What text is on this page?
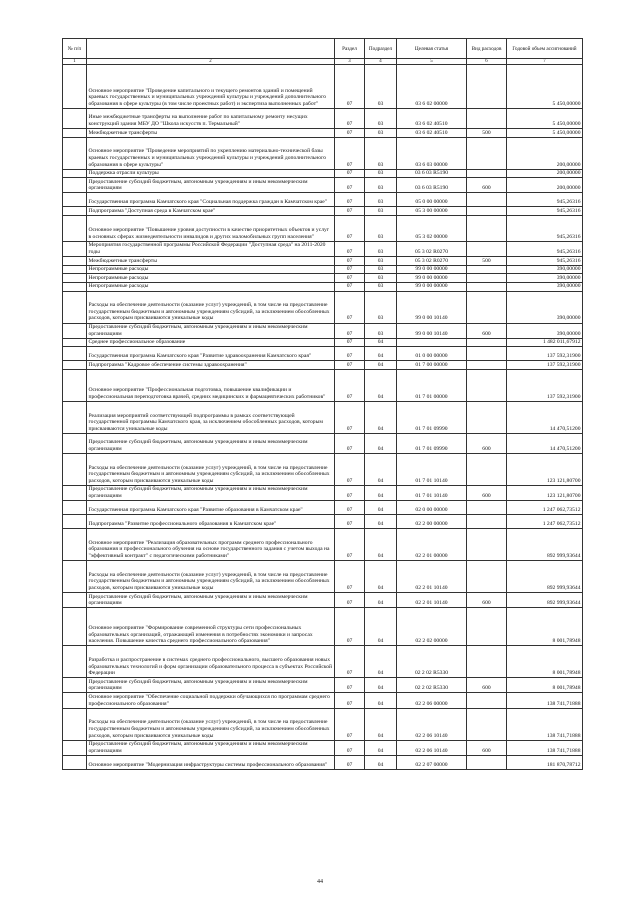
№ п/п		Раздел	Подраздел	Целевая статья	Вид расходов	Годовой объем ассигнований
1	2	3	4	5	6	7
	Основное мероприятие "Проведение капитального и текущего ремонтов зданий и помещений краевых государственных и муниципальных учреждений культуры и учреждений дополнительного образования в сфере культуры (в том числе проектных работ) и экспертиза выполненных работ"	07	03	03 6 02 00000		5 450,00000
	Иные межбюджетные трансферты на выполнение работ по капитальному ремонту несущих конструкций здания МБУ ДО "Школа искусств п. Термальный"	07	03	03 6 02 40510		5 450,00000
	Межбюджетные трансферты	07	03	03 6 02 40510	500	5 450,00000
	Основное мероприятие "Проведение мероприятий по укреплению материально-технической базы краевых государственных и муниципальных учреждений культуры и учреждений дополнительного образования в сфере культуры"	07	03	03 6 03 00000		200,00000
	Поддержка отрасли культуры	07	03	03 6 03 R5190		200,00000
	Предоставление субсидий бюджетным, автономным учреждениям и иным некоммерческим организациям	07	03	03 6 03 R5190	600	200,00000
	Государственная программа Камчатского края "Социальная поддержка граждан в Камчатском крае"	07	03	05 0 00 00000		945,26316
	Подпрограмма "Доступная среда в Камчатском крае"	07	03	05 3 00 00000		945,26316
	Основное мероприятие "Повышение уровня доступности в качестве приоритетных объектов и услуг в основных сферах жизнедеятельности инвалидов и других маломобильных групп населения"	07	03	05 3 02 00000		945,26316
	Мероприятия государственной программы Российской Федерации "Доступная среда" на 2011-2020 годы	07	03	05 3 02 R0270		945,26316
	Межбюджетные трансферты	07	03	05 3 02 R0270	500	945,26316
	Непрограммные расходы	07	03	99 0 00 00000		390,00000
	Непрограммные расходы	07	03	99 0 00 00000		390,00000
	Непрограммные расходы	07	03	99 0 00 00000		390,00000
	Расходы на обеспечение деятельности (оказание услуг) учреждений, в том числе на предоставление государственным бюджетным и автономным учреждениям субсидий, за исключением обособленных расходов, которым присваиваются уникальные коды	07	03	99 0 00 10140		390,00000
	Предоставление субсидий бюджетным, автономным учреждениям и иным некоммерческим организациям	07	03	99 0 00 10140	600	390,00000
	Среднее профессиональное образование	07	04			1 482 011,67912
	Государственная программа Камчатского края "Развитие здравоохранения Камчатского края"	07	04	01 0 00 00000		137 592,31900
	Подпрограмма "Кадровое обеспечение системы здравоохранения"	07	04	01 7 00 00000		137 592,31900
	Основное мероприятие "Профессиональная подготовка, повышение квалификации и профессиональная переподготовка врачей, средних медицинских и фармацевтических работников"	07	04	01 7 01 00000		137 592,31900
	Реализация мероприятий соответствующей подпрограммы в рамках соответствующей государственной программы Камчатского края, за исключением обособленных расходов, которым присваиваются уникальные коды	07	04	01 7 01 09990		14 470,51200
	Предоставление субсидий бюджетным, автономным учреждениям и иным некоммерческим организациям	07	04	01 7 01 09990	600	14 470,51200
	Расходы на обеспечение деятельности (оказание услуг) учреждений, в том числе на предоставление государственным бюджетным и автономным учреждениям субсидий, за исключением обособленных расходов, которым присваиваются уникальные коды	07	04	01 7 01 10140		123 121,80700
	Предоставление субсидий бюджетным, автономным учреждениям и иным некоммерческим организациям	07	04	01 7 01 10140	600	123 121,80700
	Государственная программа Камчатского края "Развитие образования в Камчатском крае"	07	04	02 0 00 00000		1 247 062,73512
	Подпрограмма "Развитие профессионального образования в Камчатском крае"	07	04	02 2 00 00000		1 247 062,73512
	Основное мероприятие "Реализация образовательных программ среднего профессионального образования и профессионального обучения на основе государственного задания с учетом выхода на "эффективный контракт" с педагогическими работниками"	07	04	02 2 01 00000		892 999,93644
	Расходы на обеспечение деятельности (оказание услуг) учреждений, в том числе на предоставление государственным бюджетным и автономным учреждениям субсидий, за исключением обособленных расходов, которым присваиваются уникальные коды	07	04	02 2 01 10140		892 999,93644
	Предоставление субсидий бюджетным, автономным учреждениям и иным некоммерческим организациям	07	04	02 2 01 10140	600	892 999,93644
	Основное мероприятие "Формирование современной структуры сети профессиональных образовательных организаций, отражающей изменения в потребностях экономики и запросах населения. Повышение качества среднего профессионального образования"	07	04	02 2 02 00000		8 001,78948
	Разработка и распространение в системах среднего профессионального, высшего образования новых образовательных технологий и форм организации образовательного процесса в субъектах Российской Федерации	07	04	02 2 02 R5330		8 001,78948
	Предоставление субсидий бюджетным, автономным учреждениям и иным некоммерческим организациям	07	04	02 2 02 R5330	600	8 001,78948
	Основное мероприятие "Обеспечение социальной поддержки обучающихся по программам среднего профессионального образования"	07	04	02 2 06 00000		138 741,71888
	Расходы на обеспечение деятельности (оказание услуг) учреждений, в том числе на предоставление государственным бюджетным и автономным учреждениям субсидий, за исключением обособленных расходов, которым присваиваются уникальные коды	07	04	02 2 06 10140		138 741,71888
	Предоставление субсидий бюджетным, автономным учреждениям и иным некоммерческим организациям	07	04	02 2 06 10140	600	138 741,71888
	Основное мероприятие "Модернизация инфраструктуры системы профессионального образования"	07	04	02 2 07 00000		181 870,78712
44
